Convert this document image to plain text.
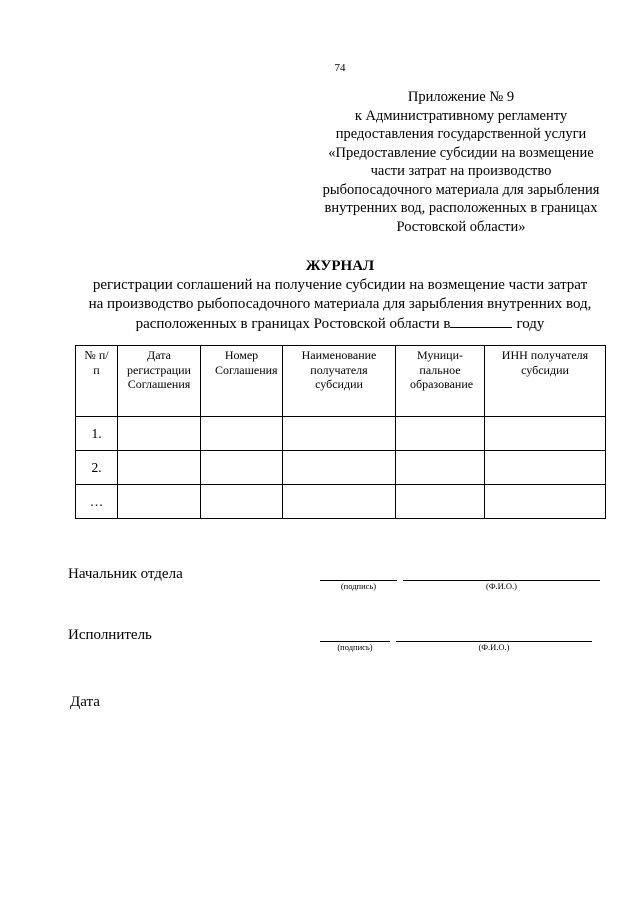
74
Приложение № 9
к Административному регламенту
предоставления государственной услуги
«Предоставление субсидии на возмещение
части затрат на производство
рыбопосадочного материала для зарыбления
внутренних вод, расположенных в границах
Ростовской области»
ЖУРНАЛ
регистрации соглашений на получение субсидии на возмещение части затрат
на производство рыбопосадочного материала для зарыбления внутренних вод,
расположенных в границах Ростовской области в	году
№ п/п	Дата регистрации Соглашения	Номер Соглашения	Наименование получателя субсидии	Муници-пальное образование	ИНН получателя субсидии
1.					
2.					
…					
Начальник отдела
(подпись)	(Ф.И.О.)
Исполнитель
(подпись)	(Ф.И.О.)
Дата
